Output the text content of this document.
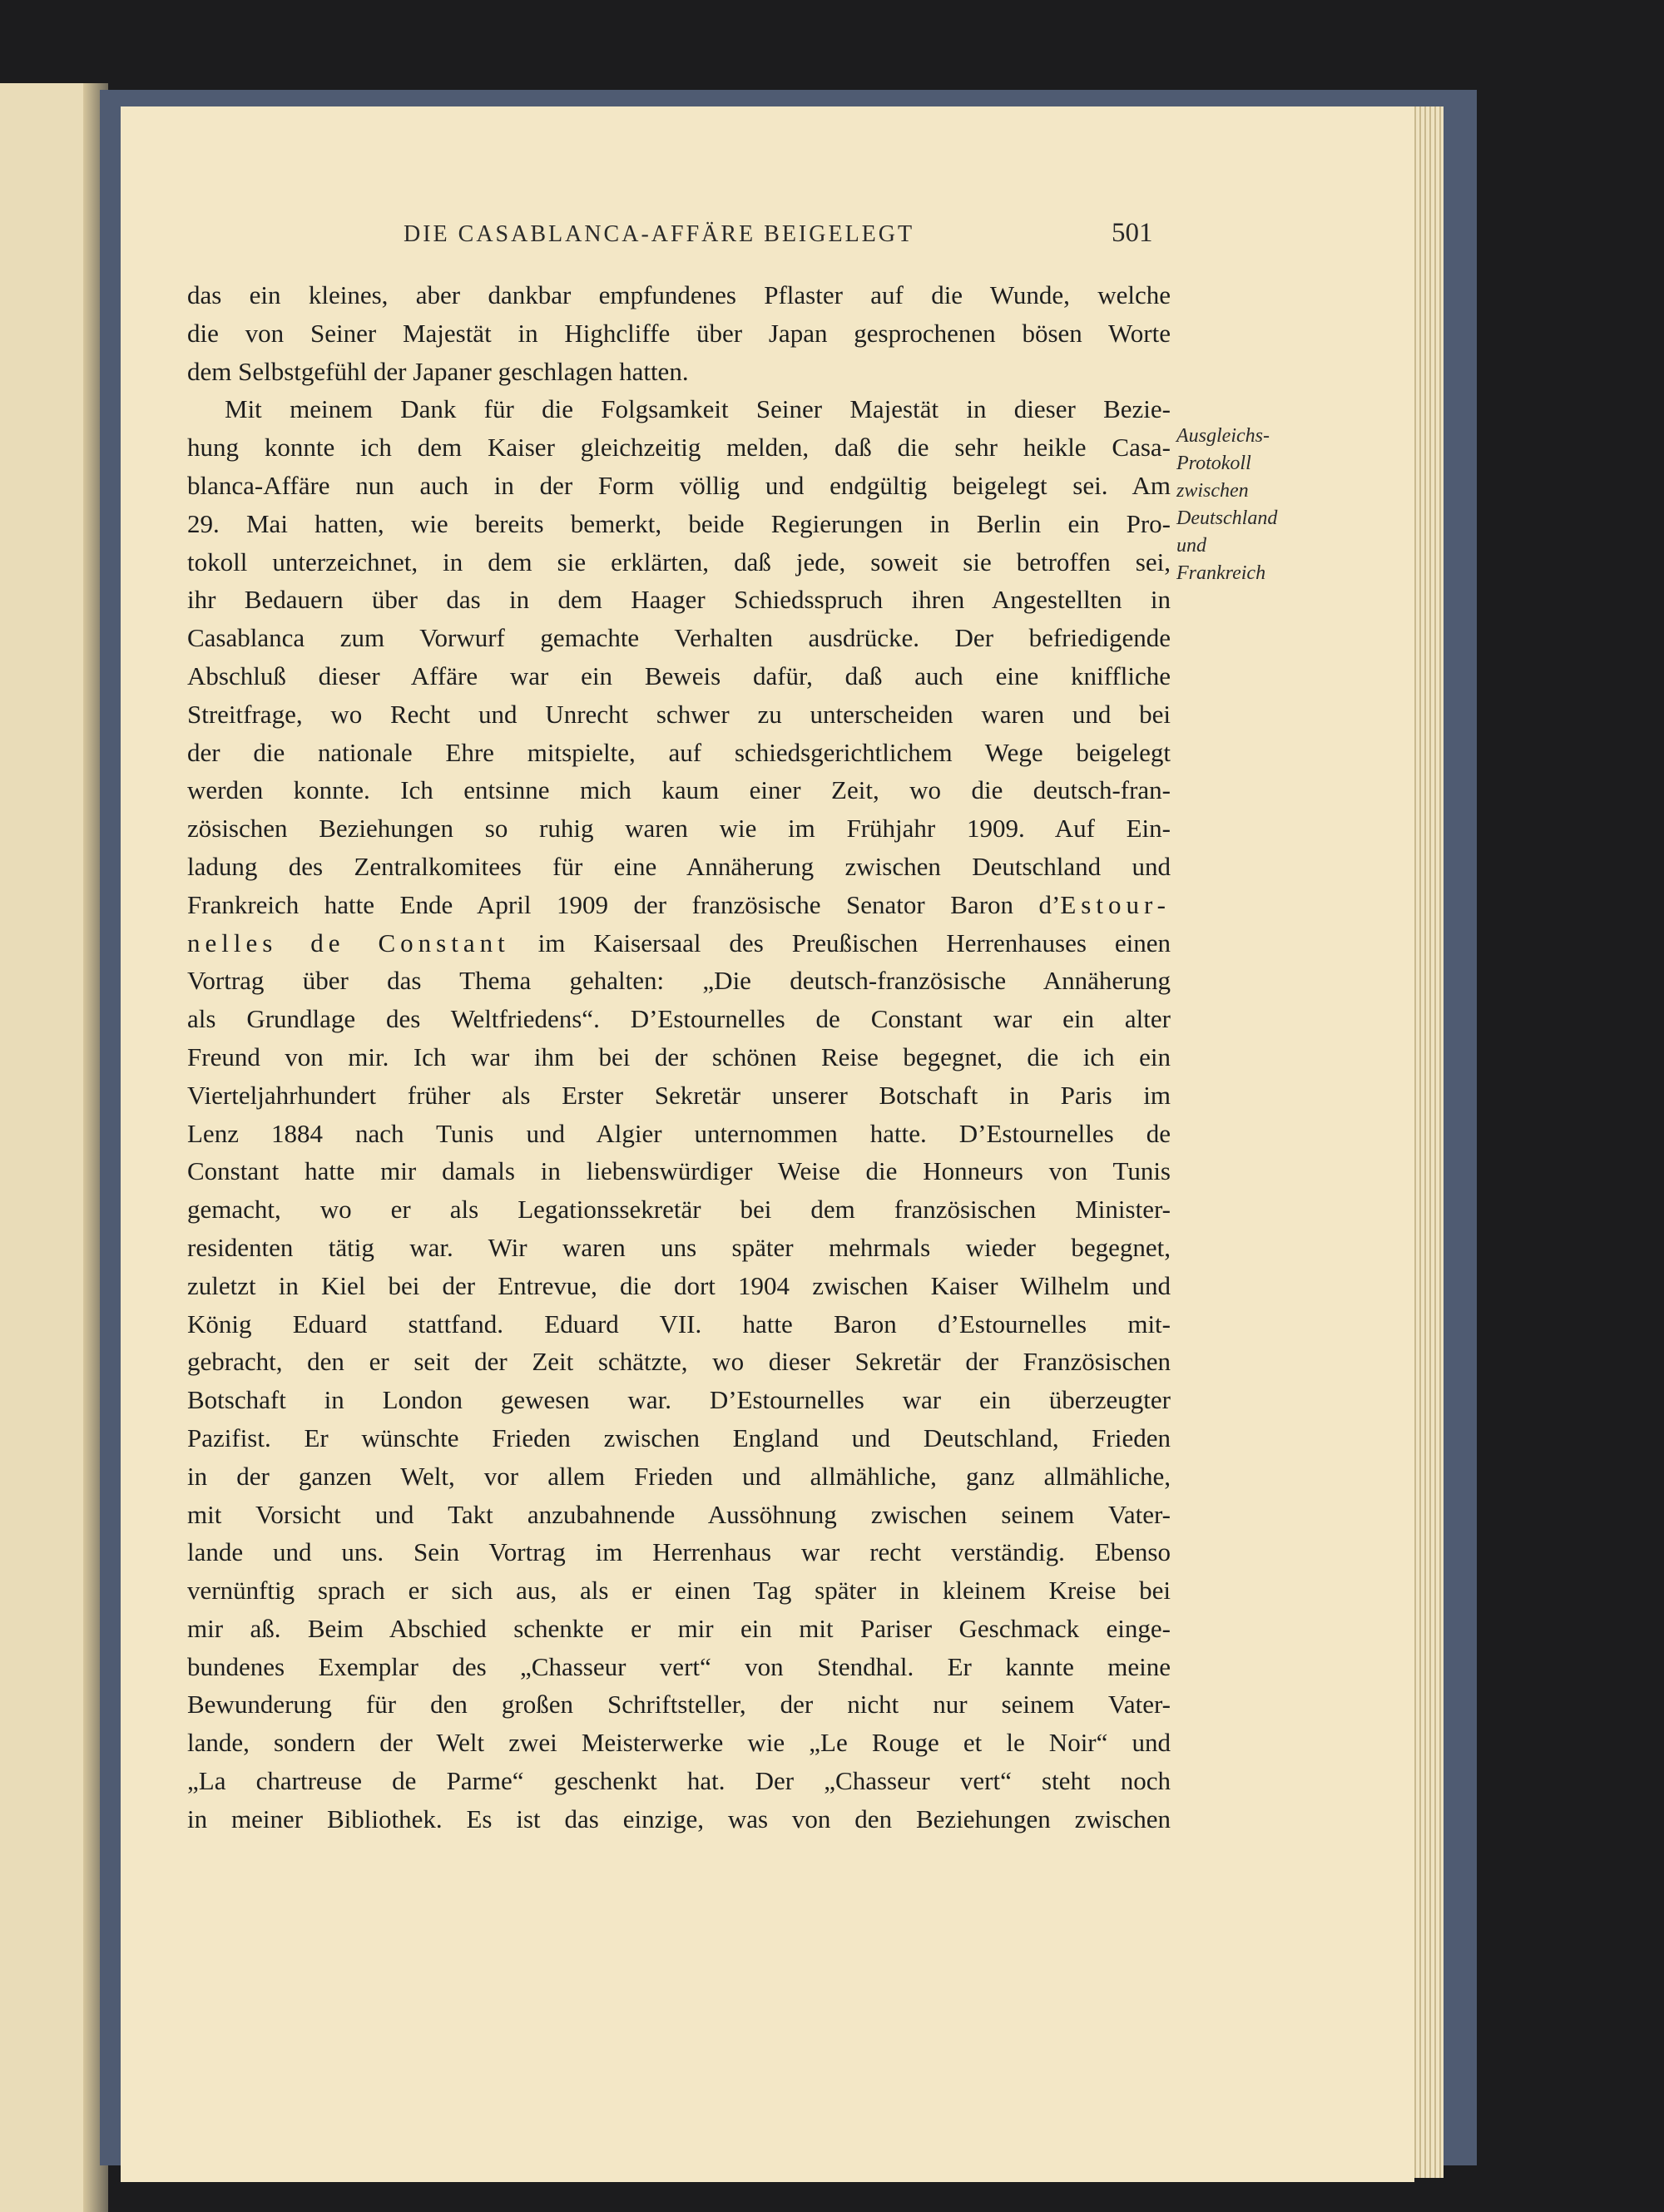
DIE CASABLANCA-AFFÄRE BEIGELEGT	501
das ein kleines, aber dankbar empfundenes Pflaster auf die Wunde, welche
die von Seiner Majestät in Highcliffe über Japan gesprochenen bösen Worte
dem Selbstgefühl der Japaner geschlagen hatten.
Mit meinem Dank für die Folgsamkeit Seiner Majestät in dieser Bezie-
hung konnte ich dem Kaiser gleichzeitig melden, daß die sehr heikle Casa-
blanca-Affäre nun auch in der Form völlig und endgültig beigelegt sei. Am
29. Mai hatten, wie bereits bemerkt, beide Regierungen in Berlin ein Pro-
tokoll unterzeichnet, in dem sie erklärten, daß jede, soweit sie betroffen sei,
ihr Bedauern über das in dem Haager Schiedsspruch ihren Angestellten in
Casablanca zum Vorwurf gemachte Verhalten ausdrücke. Der befriedigende
Abschluß dieser Affäre war ein Beweis dafür, daß auch eine kniffliche
Streitfrage, wo Recht und Unrecht schwer zu unterscheiden waren und bei
der die nationale Ehre mitspielte, auf schiedsgerichtlichem Wege beigelegt
werden konnte. Ich entsinne mich kaum einer Zeit, wo die deutsch-fran-
zösischen Beziehungen so ruhig waren wie im Frühjahr 1909. Auf Ein-
ladung des Zentralkomitees für eine Annäherung zwischen Deutschland und
Frankreich hatte Ende April 1909 der französische Senator Baron d’Estour-
nelles de Constant im Kaisersaal des Preußischen Herrenhauses einen
Vortrag über das Thema gehalten: „Die deutsch-französische Annäherung
als Grundlage des Weltfriedens“. D’Estournelles de Constant war ein alter
Freund von mir. Ich war ihm bei der schönen Reise begegnet, die ich ein
Vierteljahrhundert früher als Erster Sekretär unserer Botschaft in Paris im
Lenz 1884 nach Tunis und Algier unternommen hatte. D’Estournelles de
Constant hatte mir damals in liebenswürdiger Weise die Honneurs von Tunis
gemacht, wo er als Legationssekretär bei dem französischen Minister-
residenten tätig war. Wir waren uns später mehrmals wieder begegnet,
zuletzt in Kiel bei der Entrevue, die dort 1904 zwischen Kaiser Wilhelm und
König Eduard stattfand. Eduard VII. hatte Baron d’Estournelles mit-
gebracht, den er seit der Zeit schätzte, wo dieser Sekretär der Französischen
Botschaft in London gewesen war. D’Estournelles war ein überzeugter
Pazifist. Er wünschte Frieden zwischen England und Deutschland, Frieden
in der ganzen Welt, vor allem Frieden und allmähliche, ganz allmähliche,
mit Vorsicht und Takt anzubahnende Aussöhnung zwischen seinem Vater-
lande und uns. Sein Vortrag im Herrenhaus war recht verständig. Ebenso
vernünftig sprach er sich aus, als er einen Tag später in kleinem Kreise bei
mir aß. Beim Abschied schenkte er mir ein mit Pariser Geschmack einge-
bundenes Exemplar des „Chasseur vert“ von Stendhal. Er kannte meine
Bewunderung für den großen Schriftsteller, der nicht nur seinem Vater-
lande, sondern der Welt zwei Meisterwerke wie „Le Rouge et le Noir“ und
„La chartreuse de Parme“ geschenkt hat. Der „Chasseur vert“ steht noch
in meiner Bibliothek. Es ist das einzige, was von den Beziehungen zwischen
Ausgleichs-
Protokoll
zwischen
Deutschland
und
Frankreich
